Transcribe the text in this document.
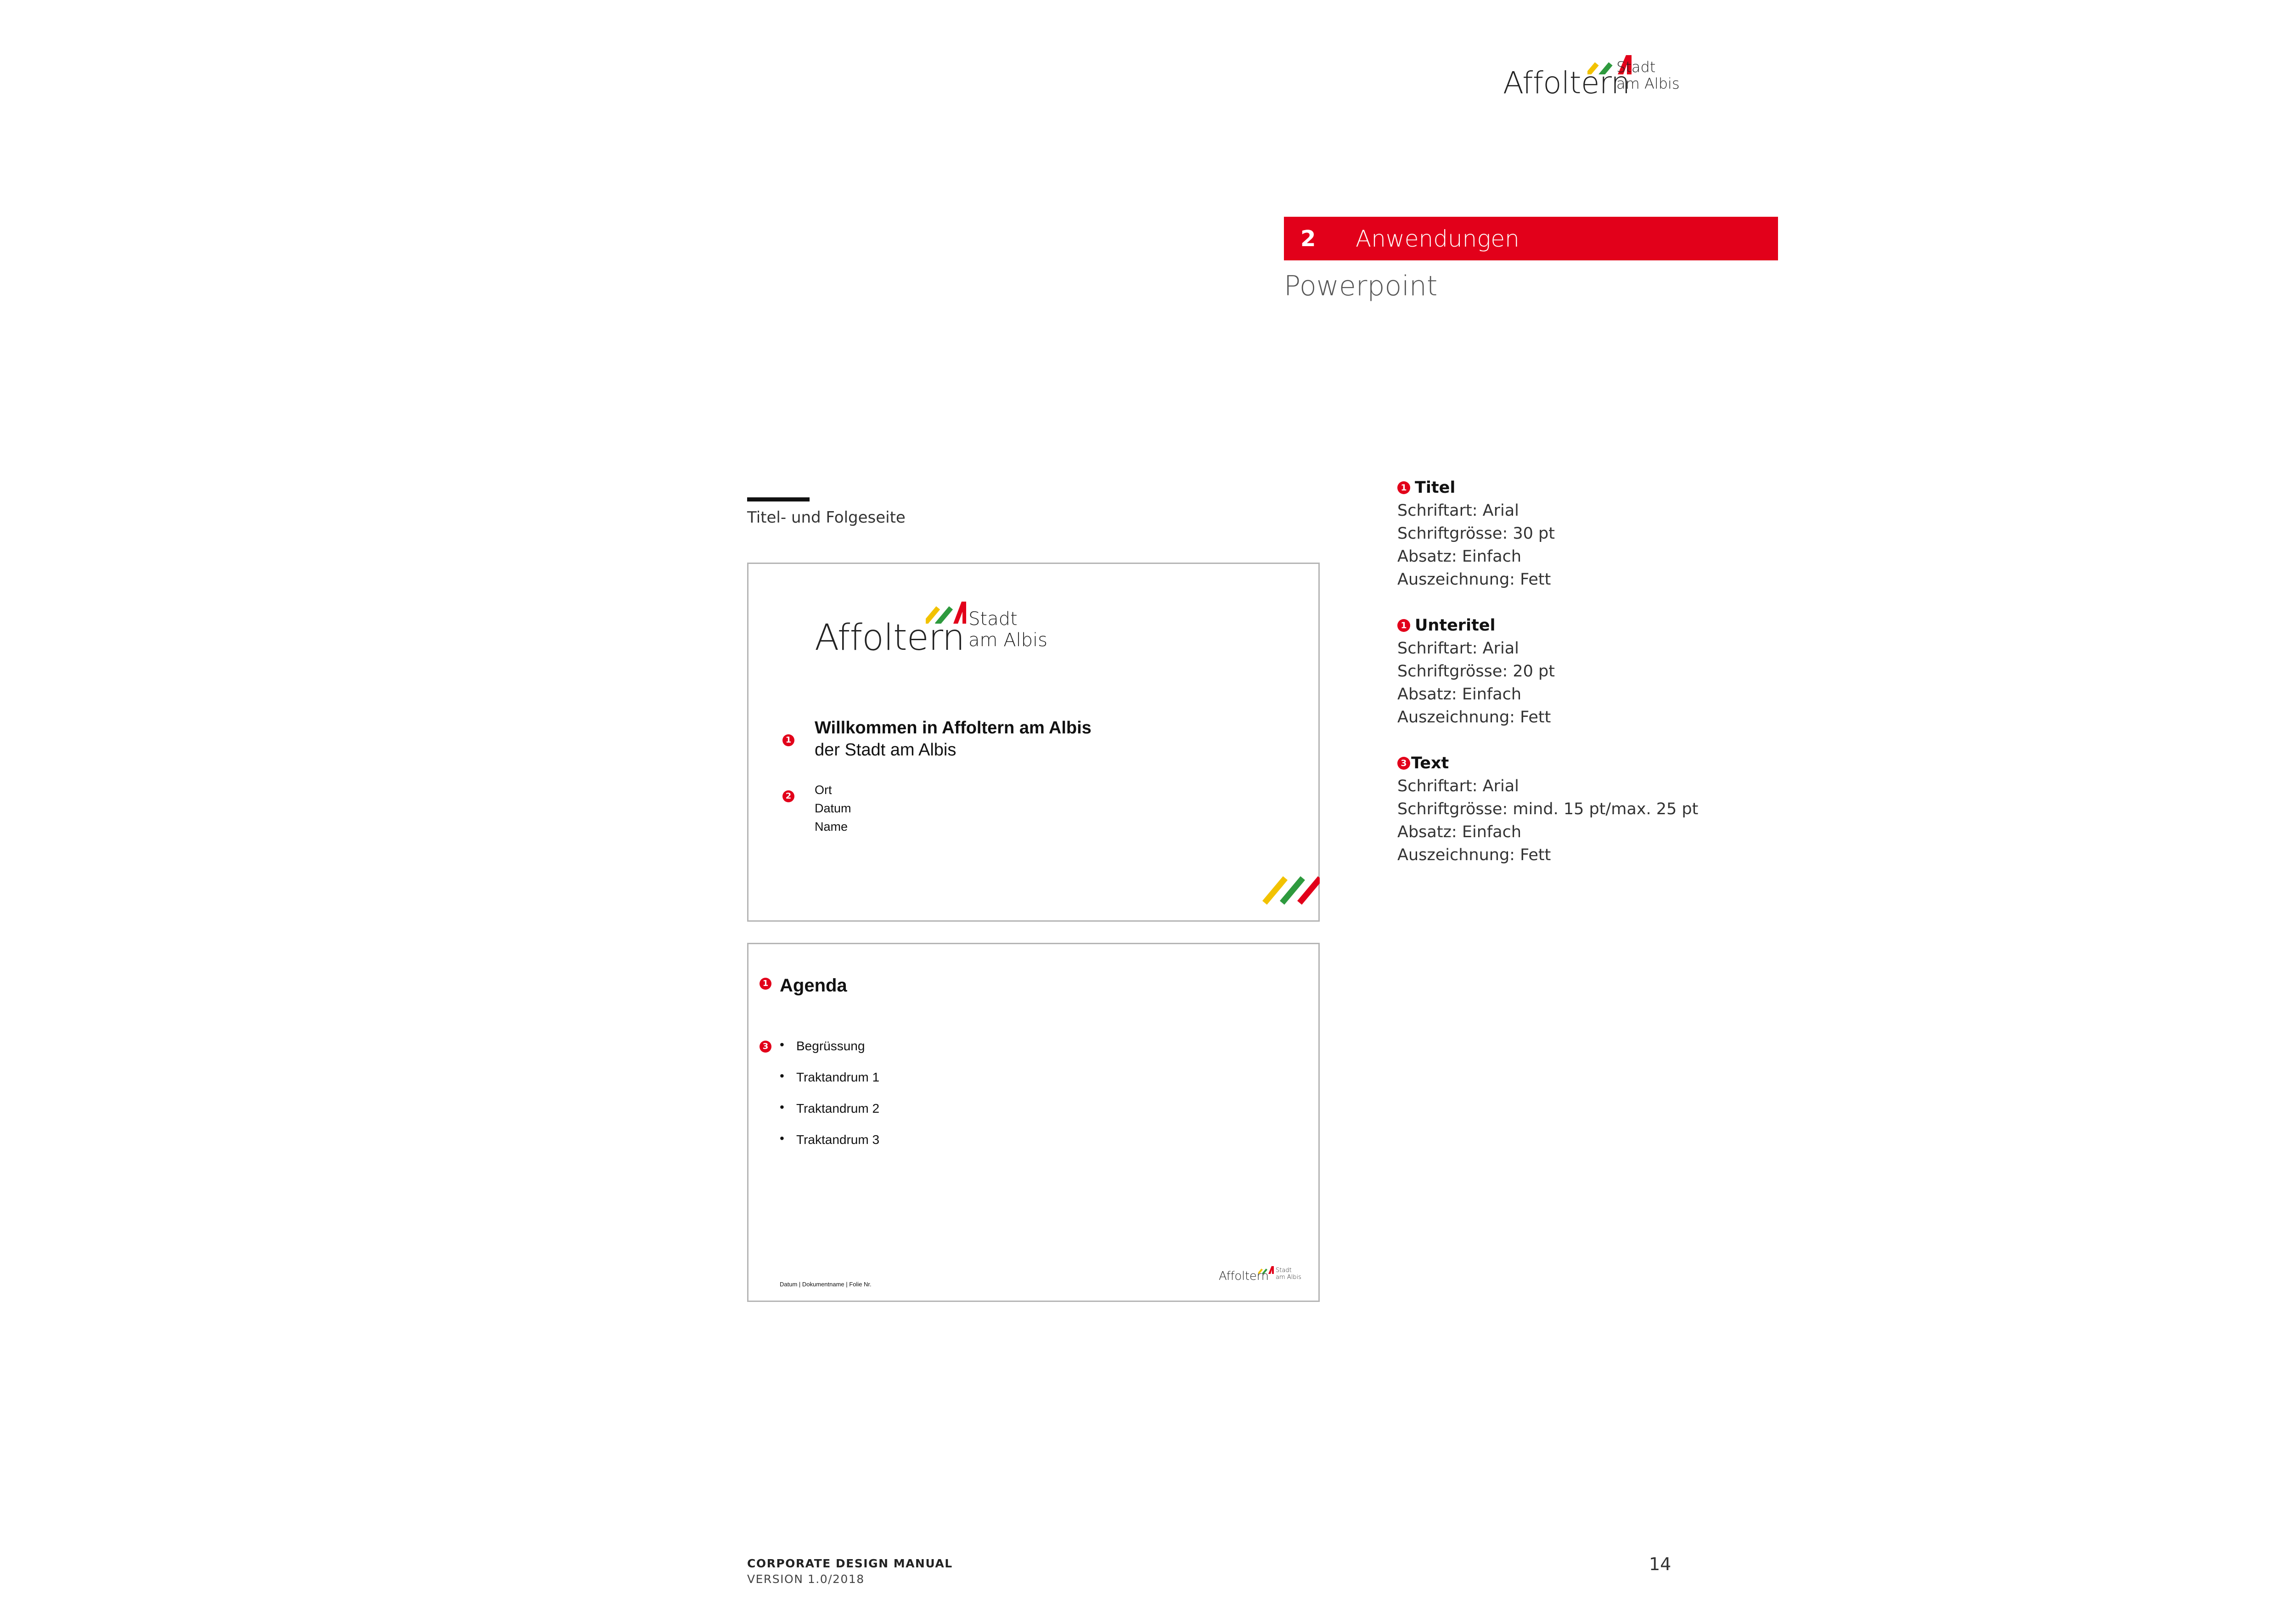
Affoltern
Stadt
am Albis
2	Anwendungen
Powerpoint
Titel- und Folgeseite
Affoltern Stadt
am Albis
1
Willkommen in Affoltern am Albis
der Stadt am Albis
2 Ort
Datum
Name
1 Agenda
3 • Begrüssung
• Traktandrum 1
• Traktandrum 2
• Traktandrum 3
Datum | Dokumentname | Folie Nr.
Affoltern Stadt
am Albis
1 Titel
Schriftart: Arial
Schriftgrösse: 30 pt
Absatz: Einfach
Auszeichnung: Fett
1 Unteritel
Schriftart: Arial
Schriftgrösse: 20 pt
Absatz: Einfach
Auszeichnung: Fett
3 Text
Schriftart: Arial
Schriftgrösse: mind. 15 pt/max. 25 pt
Absatz: Einfach
Auszeichnung: Fett
CORPORATE DESIGN MANUAL
VERSION 1.0/2018
14
